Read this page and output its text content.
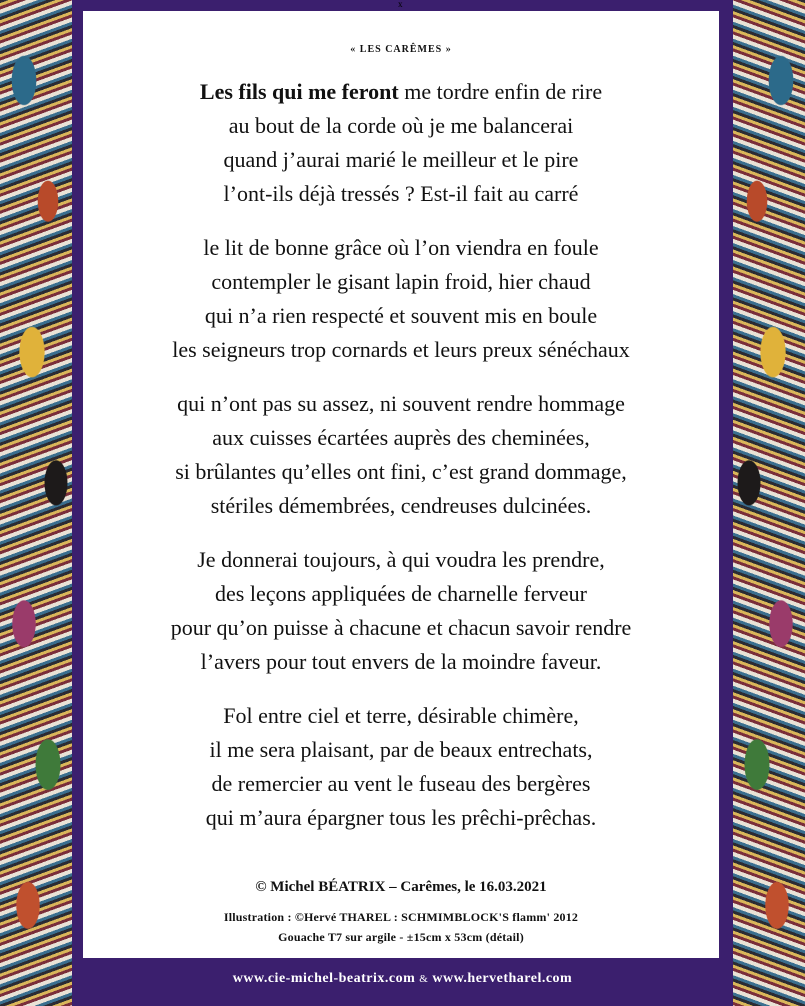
x
« LES CARÊMES »
Les fils qui me feront me tordre enfin de rire
au bout de la corde où je me balancerai
quand j’aurai marié le meilleur et le pire
l’ont-ils déjà tressés ? Est-il fait au carré
le lit de bonne grâce où l’on viendra en foule
contempler le gisant lapin froid, hier chaud
qui n’a rien respecté et souvent mis en boule
les seigneurs trop cornards et leurs preux sénéchaux
qui n’ont pas su assez, ni souvent rendre hommage
aux cuisses écartées auprès des cheminées,
si brûlantes qu’elles ont fini, c’est grand dommage,
stériles démembrées, cendreuses dulcinées.
Je donnerai toujours, à qui voudra les prendre,
des leçons appliquées de charnelle ferveur
pour qu’on puisse à chacune et chacun savoir rendre
l’avers pour tout envers de la moindre faveur.
Fol entre ciel et terre, désirable chimère,
il me sera plaisant, par de beaux entrechats,
de remercier au vent le fuseau des bergères
qui m’aura épargner tous les prêchi-prêchas.
© Michel BÉATRIX – Carêmes, le 16.03.2021
Illustration : ©Hervé THAREL : SCHMIMBLOCK'S flamm' 2012
Gouache T7 sur argile - ±15cm x 53cm (détail)
www.cie-michel-beatrix.com & www.hervetharel.com
